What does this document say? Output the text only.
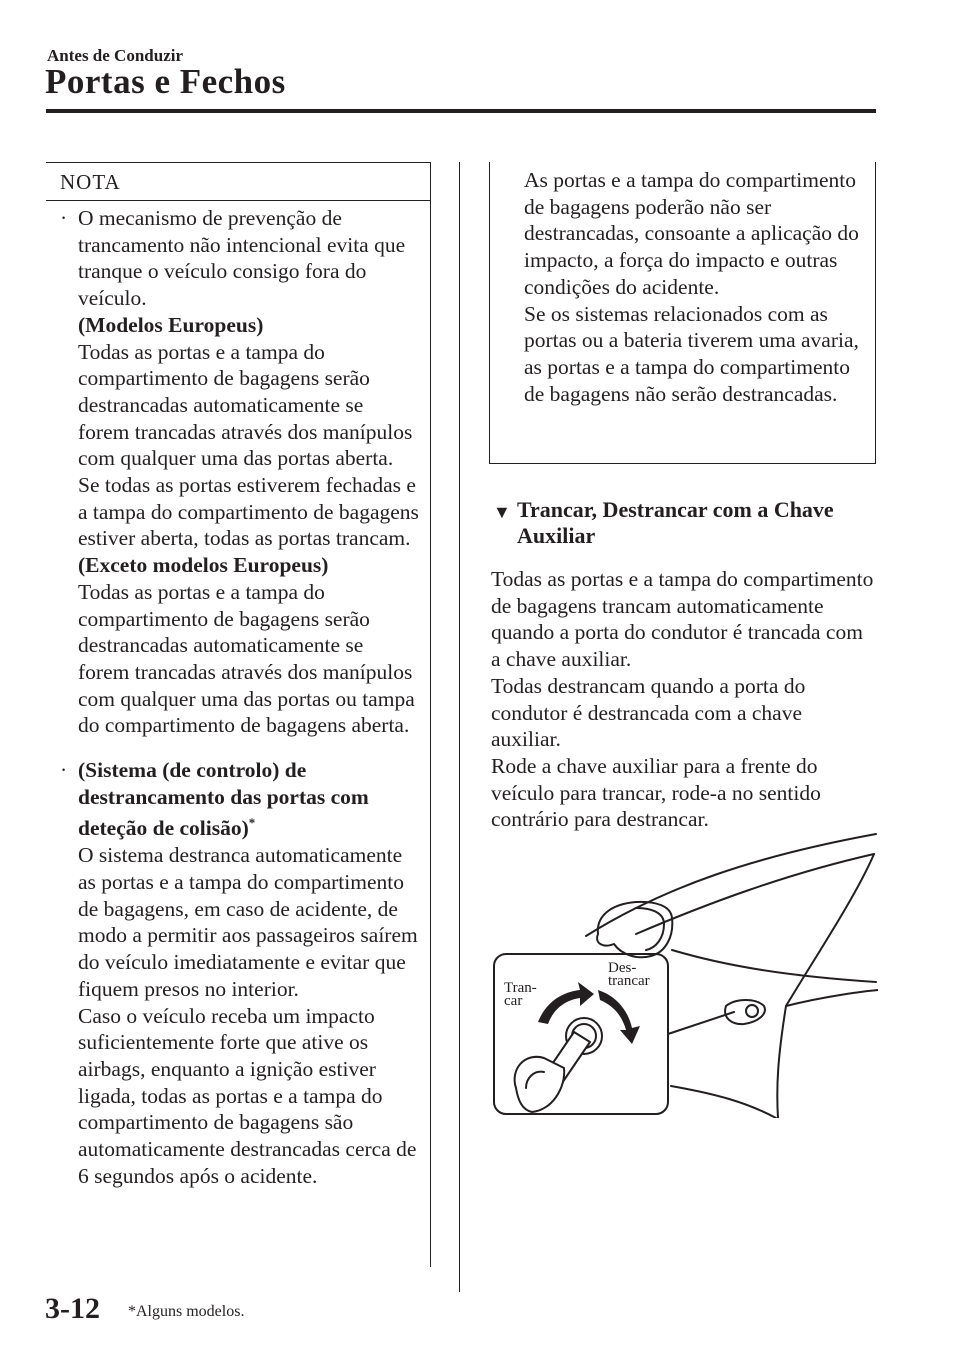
Antes de Conduzir
Portas e Fechos
NOTA
· O mecanismo de prevenção de trancamento não intencional evita que tranque o veículo consigo fora do veículo.

(Modelos Europeus)

Todas as portas e a tampa do compartimento de bagagens serão destrancadas automaticamente se forem trancadas através dos manípulos com qualquer uma das portas aberta.

Se todas as portas estiverem fechadas e a tampa do compartimento de bagagens estiver aberta, todas as portas trancam.

(Exceto modelos Europeus)

Todas as portas e a tampa do compartimento de bagagens serão destrancadas automaticamente se forem trancadas através dos manípulos com qualquer uma das portas ou tampa do compartimento de bagagens aberta.

· (Sistema (de controlo) de destrancamento das portas com deteção de colisão)*

O sistema destranca automaticamente as portas e a tampa do compartimento de bagagens, em caso de acidente, de modo a permitir aos passageiros saírem do veículo imediatamente e evitar que fiquem presos no interior.

Caso o veículo receba um impacto suficientemente forte que ative os airbags, enquanto a ignição estiver ligada, todas as portas e a tampa do compartimento de bagagens são automaticamente destrancadas cerca de 6 segundos após o acidente.

As portas e a tampa do compartimento de bagagens poderão não ser destrancadas, consoante a aplicação do impacto, a força do impacto e outras condições do acidente.

Se os sistemas relacionados com as portas ou a bateria tiverem uma avaria, as portas e a tampa do compartimento de bagagens não serão destrancadas.

▼ Trancar, Destrancar com a Chave Auxiliar

Todas as portas e a tampa do compartimento de bagagens trancam automaticamente quando a porta do condutor é trancada com a chave auxiliar.

Todas destrancam quando a porta do condutor é destrancada com a chave auxiliar.

Rode a chave auxiliar para a frente do veículo para trancar, rode-a no sentido contrário para destrancar.

Tran-
car
Des-
trancar
3-12 *Alguns modelos.
